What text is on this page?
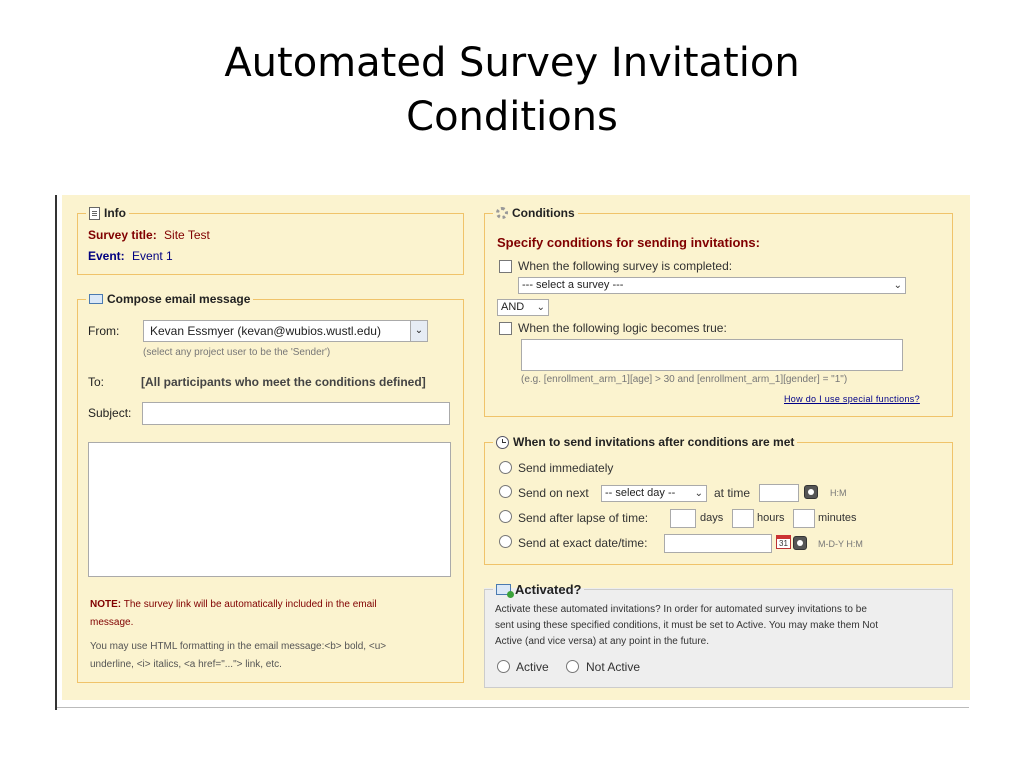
Automated Survey Invitation
Conditions
Info
Survey title: Site Test
Event: Event 1
Compose email message
From:	Kevan Essmyer (kevan@wubios.wustl.edu)	⌄
(select any project user to be the 'Sender')
To:	[All participants who meet the conditions defined]
Subject:
NOTE: The survey link will be automatically included in the email
message.
You may use HTML formatting in the email message:<b> bold, <u>
underline, <i> italics, <a href="..."> link, etc.
Conditions
Specify conditions for sending invitations:
When the following survey is completed:
--- select a survey ---	⌄
AND ⌄
When the following logic becomes true:
(e.g. [enrollment_arm_1][age] > 30 and [enrollment_arm_1][gender] = "1")
How do I use special functions?
When to send invitations after conditions are met
Send immediately
Send on next	-- select day -- ⌄ at time	H:M
Send after lapse of time:	days	hours	minutes
Send at exact date/time:	31	M-D-Y H:M
Activated?
Activate these automated invitations? In order for automated survey invitations to be
sent using these specified conditions, it must be set to Active. You may make them Not
Active (and vice versa) at any point in the future.
Active	Not Active
